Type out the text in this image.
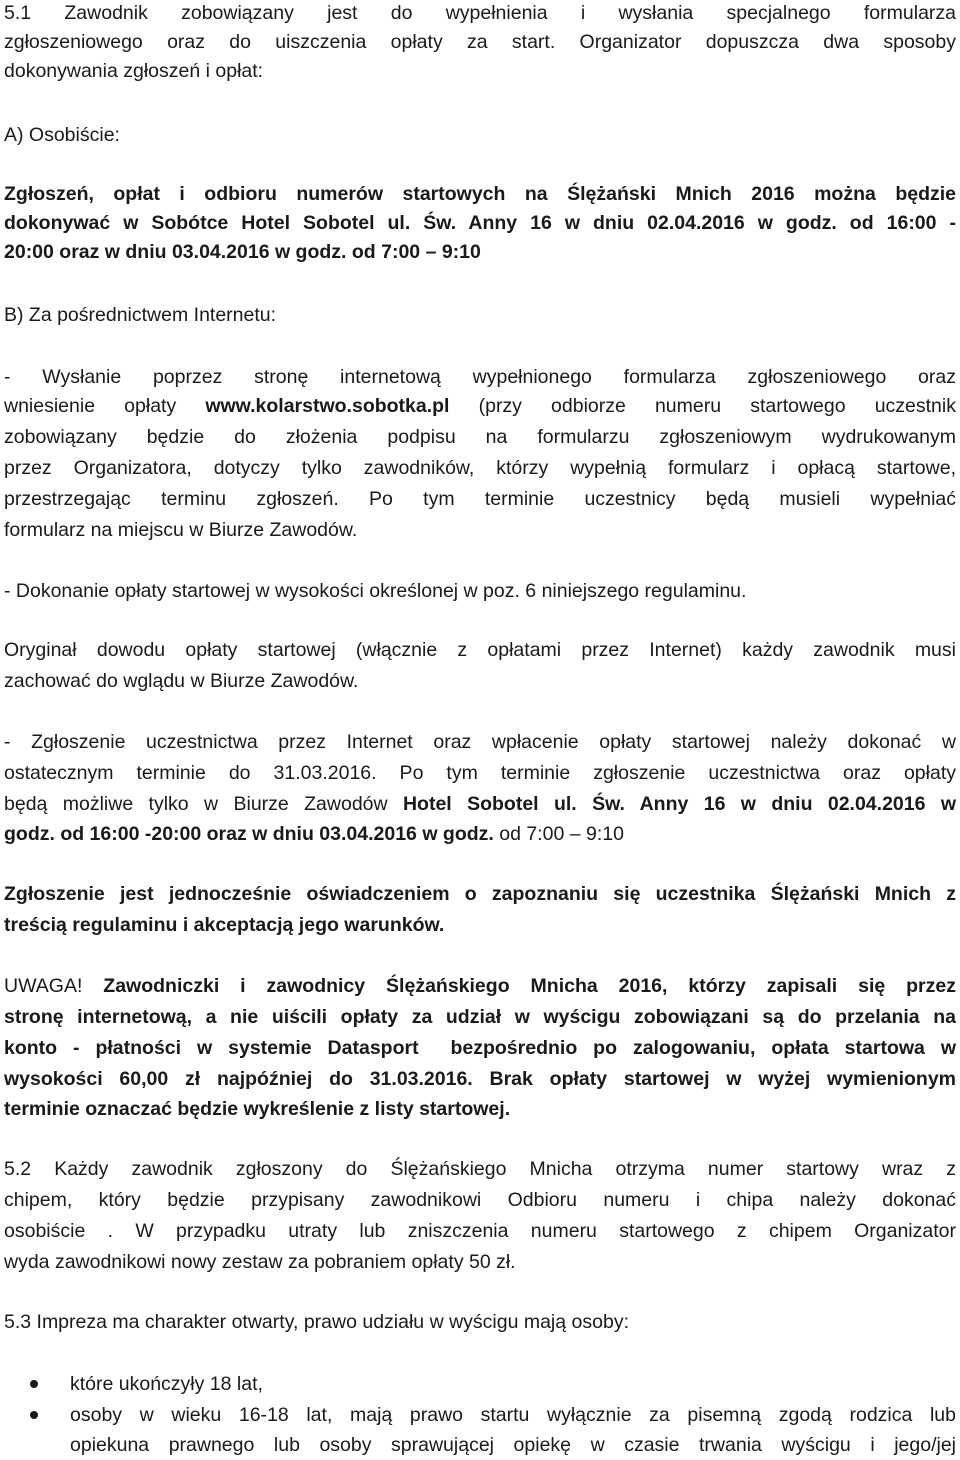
5.1 Zawodnik zobowiązany jest do wypełnienia i wysłania specjalnego formularza
zgłoszeniowego oraz do uiszczenia opłaty za start. Organizator dopuszcza dwa sposoby
dokonywania zgłoszeń i opłat:
A) Osobiście:
Zgłoszeń, opłat i odbioru numerów startowych na Ślężański Mnich 2016 można będzie
dokonywać w Sobótce Hotel Sobotel ul. Św. Anny 16 w dniu 02.04.2016 w godz. od 16:00 -
20:00 oraz w dniu 03.04.2016 w godz. od 7:00 – 9:10
B) Za pośrednictwem Internetu:
- Wysłanie poprzez stronę internetową wypełnionego formularza zgłoszeniowego oraz
wniesienie opłaty www.kolarstwo.sobotka.pl (przy odbiorze numeru startowego uczestnik
zobowiązany będzie do złożenia podpisu na formularzu zgłoszeniowym wydrukowanym
przez Organizatora, dotyczy tylko zawodników, którzy wypełnią formularz i opłacą startowe,
przestrzegając terminu zgłoszeń. Po tym terminie uczestnicy będą musieli wypełniać
formularz na miejscu w Biurze Zawodów.
- Dokonanie opłaty startowej w wysokości określonej w poz. 6 niniejszego regulaminu.
Oryginał dowodu opłaty startowej (włącznie z opłatami przez Internet) każdy zawodnik musi
zachować do wglądu w Biurze Zawodów.
- Zgłoszenie uczestnictwa przez Internet oraz wpłacenie opłaty startowej należy dokonać w
ostatecznym terminie do 31.03.2016. Po tym terminie zgłoszenie uczestnictwa oraz opłaty
będą możliwe tylko w Biurze Zawodów Hotel Sobotel ul. Św. Anny 16 w dniu 02.04.2016 w
godz. od 16:00 -20:00 oraz w dniu 03.04.2016 w godz. od 7:00 – 9:10
Zgłoszenie jest jednocześnie oświadczeniem o zapoznaniu się uczestnika Ślężański Mnich z
treścią regulaminu i akceptacją jego warunków.
UWAGA! Zawodniczki i zawodnicy Ślężańskiego Mnicha 2016, którzy zapisali się przez
stronę internetową, a nie uiścili opłaty za udział w wyścigu zobowiązani są do przelania na
konto - płatności w systemie Datasport  bezpośrednio po zalogowaniu, opłata startowa w
wysokości 60,00 zł najpóźniej do 31.03.2016. Brak opłaty startowej w wyżej wymienionym
terminie oznaczać będzie wykreślenie z listy startowej.
5.2 Każdy zawodnik zgłoszony do Ślężańskiego Mnicha otrzyma numer startowy wraz z
chipem, który będzie przypisany zawodnikowi Odbioru numeru i chipa należy dokonać
osobiście . W przypadku utraty lub zniszczenia numeru startowego z chipem Organizator
wyda zawodnikowi nowy zestaw za pobraniem opłaty 50 zł.
5.3 Impreza ma charakter otwarty, prawo udziału w wyścigu mają osoby:
które ukończyły 18 lat,
osoby w wieku 16-18 lat, mają prawo startu wyłącznie za pisemną zgodą rodzica lub
opiekuna prawnego lub osoby sprawującej opiekę w czasie trwania wyścigu i jego/jej
